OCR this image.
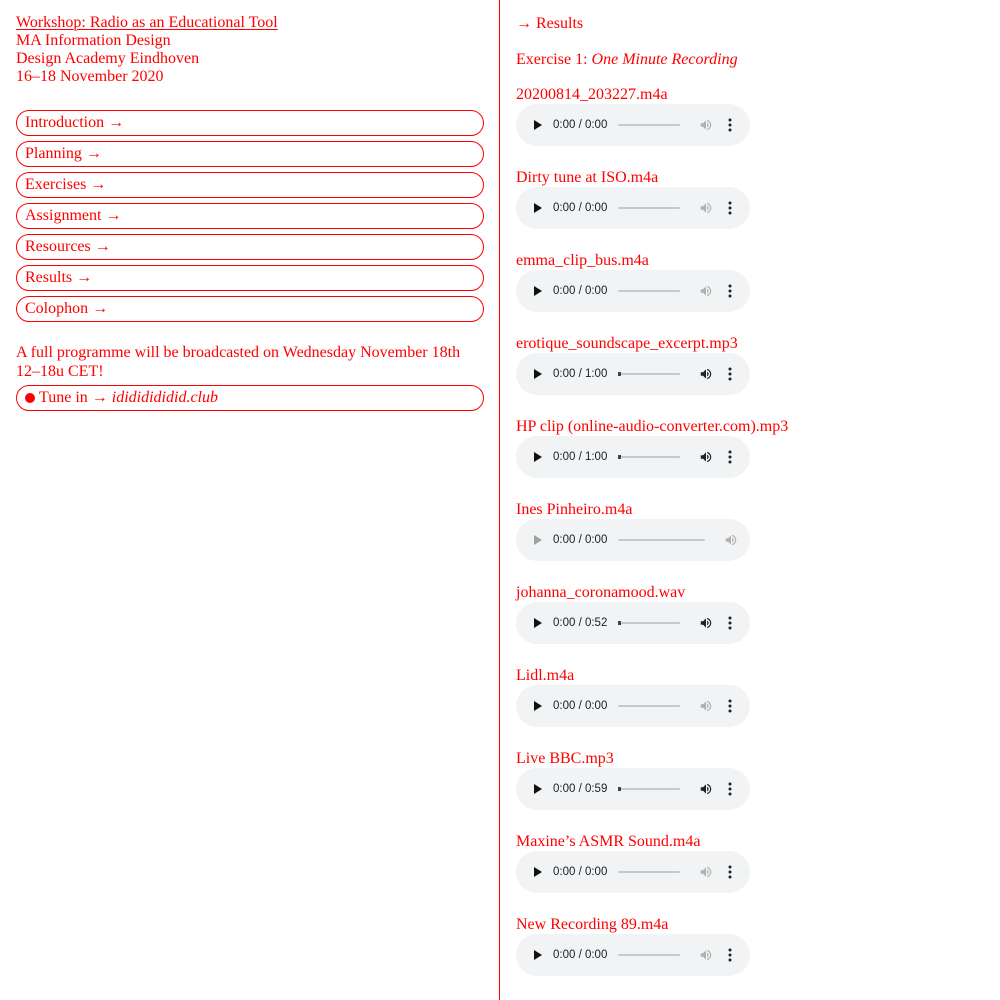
Workshop: Radio as an Educational Tool
MA Information Design
Design Academy Eindhoven
16–18 November 2020
Introduction →
Planning →
Exercises →
Assignment →
Resources →
Results →
Colophon →
A full programme will be broadcasted on Wednesday November 18th 12–18u CET!
Tune in → idididididid.club
→ Results
Exercise 1: One Minute Recording
20200814_203227.m4a
0:00 / 0:00
Dirty tune at ISO.m4a
0:00 / 0:00
emma_clip_bus.m4a
0:00 / 0:00
erotique_soundscape_excerpt.mp3
0:00 / 1:00
HP clip (online-audio-converter.com).mp3
0:00 / 1:00
Ines Pinheiro.m4a
0:00 / 0:00
johanna_coronamood.wav
0:00 / 0:52
Lidl.m4a
0:00 / 0:00
Live BBC.mp3
0:00 / 0:59
Maxine’s ASMR Sound.m4a
0:00 / 0:00
New Recording 89.m4a
0:00 / 0:00
